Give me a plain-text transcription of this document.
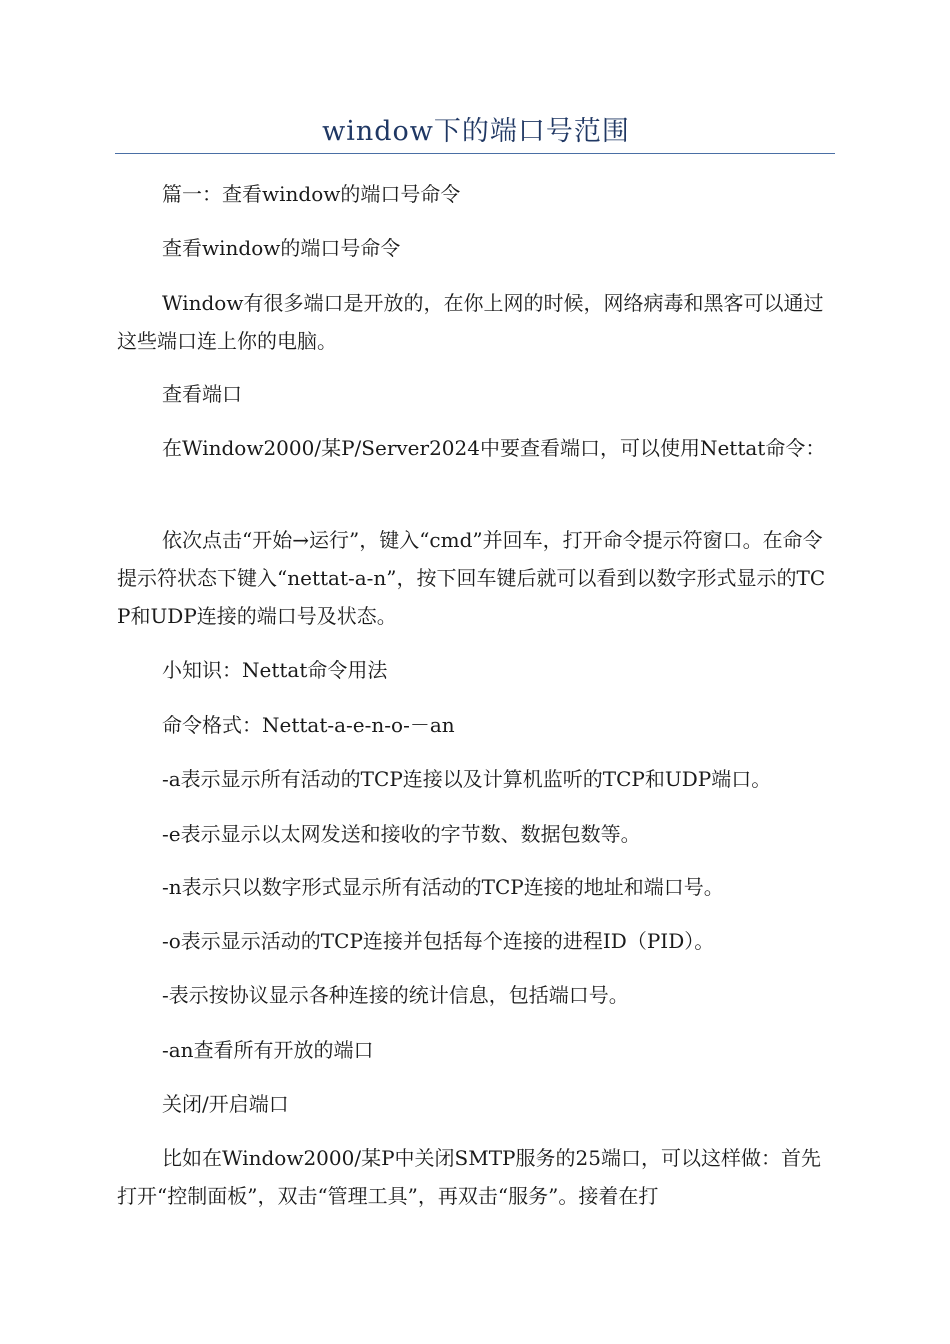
window下的端口号范围

篇一：查看window的端口号命令

查看window的端口号命令

Window有很多端口是开放的，在你上网的时候，网络病毒和黑客可以通过这些端口连上你的电脑。

查看端口

在Window2000/某P/Server2024中要查看端口，可以使用Nettat命令：

依次点击“开始→运行”，键入“cmd”并回车，打开命令提示符窗口。在命令提示符状态下键入“nettat-a-n”，按下回车键后就可以看到以数字形式显示的TCP和UDP连接的端口号及状态。

小知识：Nettat命令用法

命令格式：Nettat-a-e-n-o-－an

-a表示显示所有活动的TCP连接以及计算机监听的TCP和UDP端口。

-e表示显示以太网发送和接收的字节数、数据包数等。

-n表示只以数字形式显示所有活动的TCP连接的地址和端口号。

-o表示显示活动的TCP连接并包括每个连接的进程ID（PID）。

-表示按协议显示各种连接的统计信息，包括端口号。

-an查看所有开放的端口

关闭/开启端口

比如在Window2000/某P中关闭SMTP服务的25端口，可以这样做：首先打开“控制面板”，双击“管理工具”，再双击“服务”。接着在打
